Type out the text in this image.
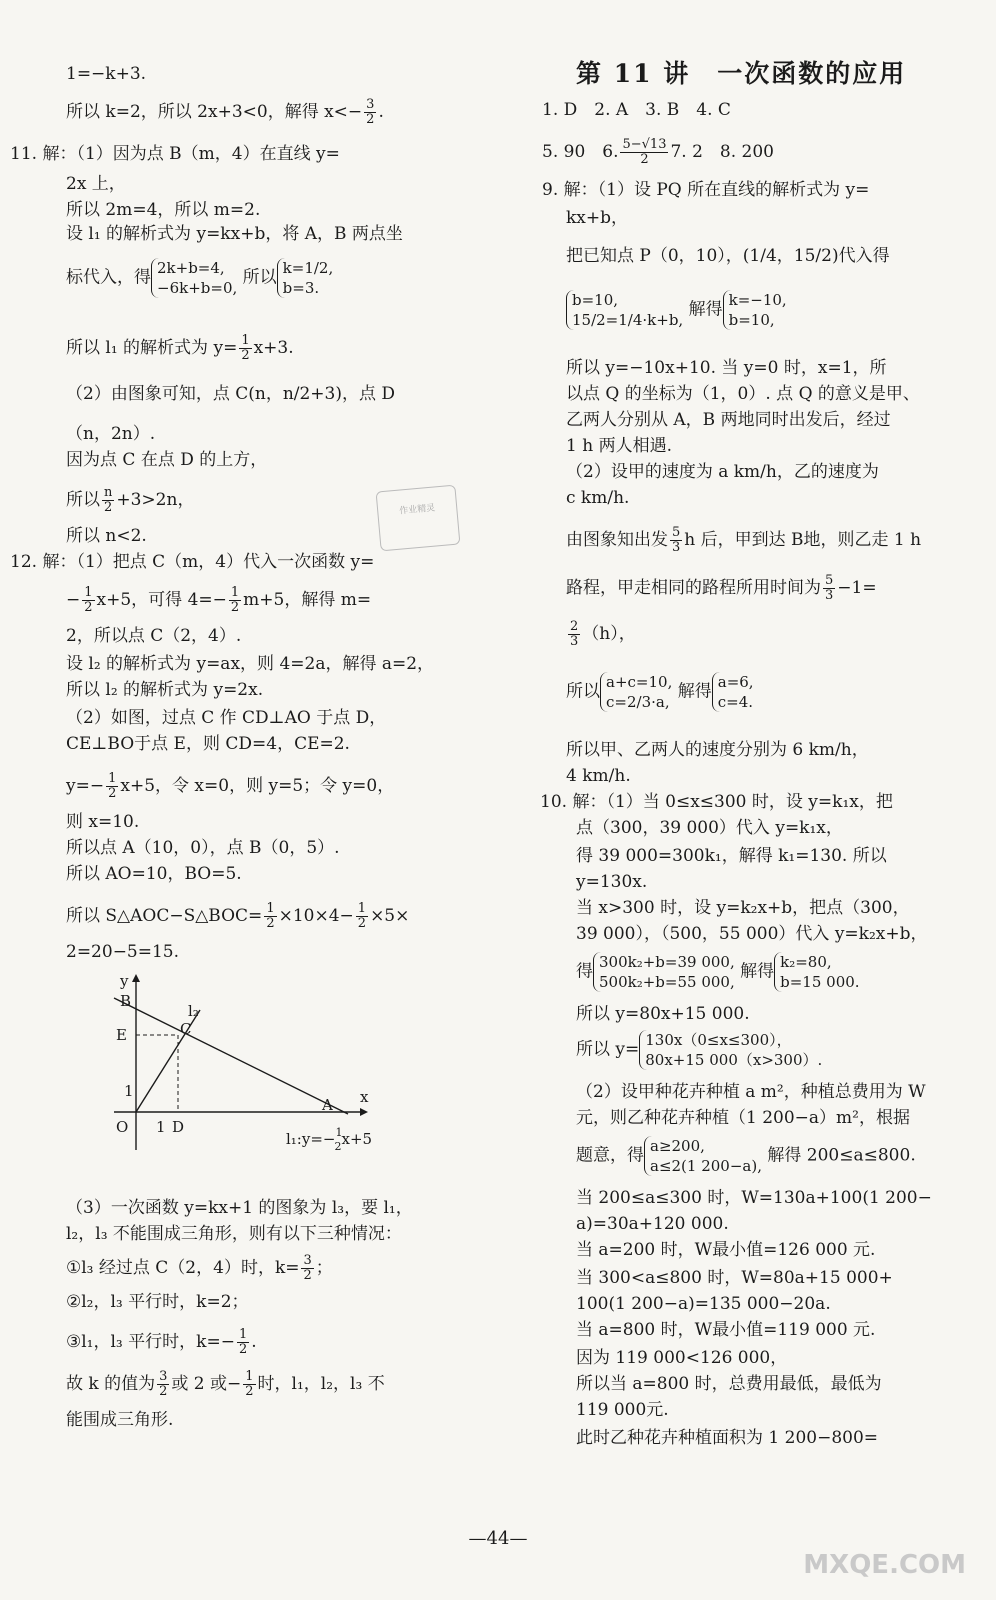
1=−k+3.
所以 k=2，所以 2x+3<0，解得 $x<- \frac{3}{2}$ .
11. 解：（1）因为点 B（m，4）在直线 y=
2x 上，
所以 2m=4，所以 m=2.
设 l₁ 的解析式为 y=kx+b，将 A，B 两点坐
标代入，得 2k+b=4,
−6k+b=0, 所以 k=1/2,
b=3.
所以 l₁ 的解析式为 $y= \frac{1}{2} x+3$.
（2）由图象可知，点 C(n，n/2+3)，点 D
（n，2n）.
因为点 C 在点 D 的上方，
所以 $\frac{n}{2} +3>2n$，
所以 n<2.
12. 解：（1）把点 C（m，4）代入一次函数 y=
− $\frac{1}{2} x+5$，可得 $4=- \frac{1}{2} m+5$，解得 m=
2，所以点 C（2，4）.
设 l₂ 的解析式为 y=ax，则 4=2a，解得 a=2，
所以 l₂ 的解析式为 y=2x.
（2）如图，过点 C 作 CD⊥AO 于点 D，
CE⊥BO于点 E，则 CD=4，CE=2.
$y=- \frac{1}{2} x+5$，令 x=0，则 y=5；令 y=0，
则 x=10.
所以点 A（10，0），点 B（0，5）.
所以 AO=10，BO=5.
所以 S△AOC−S△BOC= $\frac{1}{2} \times 10\times 4- \frac{1}{2} \times 5\times$
2=20−5=15.
（3）一次函数 y=kx+1 的图象为 l₃，要 l₁，
l₂，l₃ 不能围成三角形，则有以下三种情况：
①l₃ 经过点 C（2，4）时，$k= \frac{3}{2}$ ；
②l₂，l₃ 平行时，k=2；
③l₁，l₃ 平行时，$k=- \frac{1}{2}$ .
故 k 的值为 $\frac{3}{2}$ 或 2 或− $\frac{1}{2}$ 时，l₁，l₂，l₃ 不
能围成三角形.
y
x
B
l₂
C
E
1
O 1 D
A
l₁:y=−$^1$ 2x+5

作业精灵
第 11 讲　一次函数的应用
1. D　2. A　3. B　4. C
5. 90　6. $\frac{5-√13}{2} 7$. 2　8. 200
9. 解：（1）设 PQ 所在直线的解析式为 y=
kx+b，
把已知点 P（0，10），(1/4，15/2)代入得
b=10,
15/2=1/4·k+b, 解得 k=−10,
b=10,
所以 y=−10x+10. 当 y=0 时，x=1，所
以点 Q 的坐标为（1，0）. 点 Q 的意义是甲、
乙两人分别从 A，B 两地同时出发后，经过
1 h 两人相遇.
（2）设甲的速度为 a km/h，乙的速度为
c km/h.
由图象知出发 $\frac{5}{3}$ h 后，甲到达 B地，则乙走 1 h
路程，甲走相同的路程所用时间为 $\frac{5}{3} -1=$
$\frac{2}{3} (h)$，
所以 a+c=10,
c=2/3·a, 解得 a=6,
c=4.
所以甲、乙两人的速度分别为 6 km/h，
4 km/h.
10. 解：（1）当 0≤x≤300 时，设 y=k₁x，把
点（300，39 000）代入 y=k₁x，
得 39 000=300k₁，解得 k₁=130. 所以
y=130x.
当 x>300 时，设 y=k₂x+b，把点（300，
39 000），（500，55 000）代入 y=k₂x+b，
得 300k₂+b=39 000,
500k₂+b=55 000, 解得 k₂=80,
b=15 000.
所以 y=80x+15 000.
所以 y= 130x（0≤x≤300），
80x+15 000（x>300）.
（2）设甲种花卉种植 a m²，种植总费用为 W
元，则乙种花卉种植（1 200−a）m²，根据
题意，得 a≥200,
a≤2(1 200−a), 解得 200≤a≤800.
当 200≤a≤300 时，W=130a+100(1 200−
a)=30a+120 000.
当 a=200 时，W最小值=126 000 元.
当 300<a≤800 时，W=80a+15 000+
100(1 200−a)=135 000−20a.
当 a=800 时，W最小值=119 000 元.
因为 119 000<126 000，
所以当 a=800 时，总费用最低，最低为
119 000元.
此时乙种花卉种植面积为 1 200−800=
—44—
MXQE.COM
